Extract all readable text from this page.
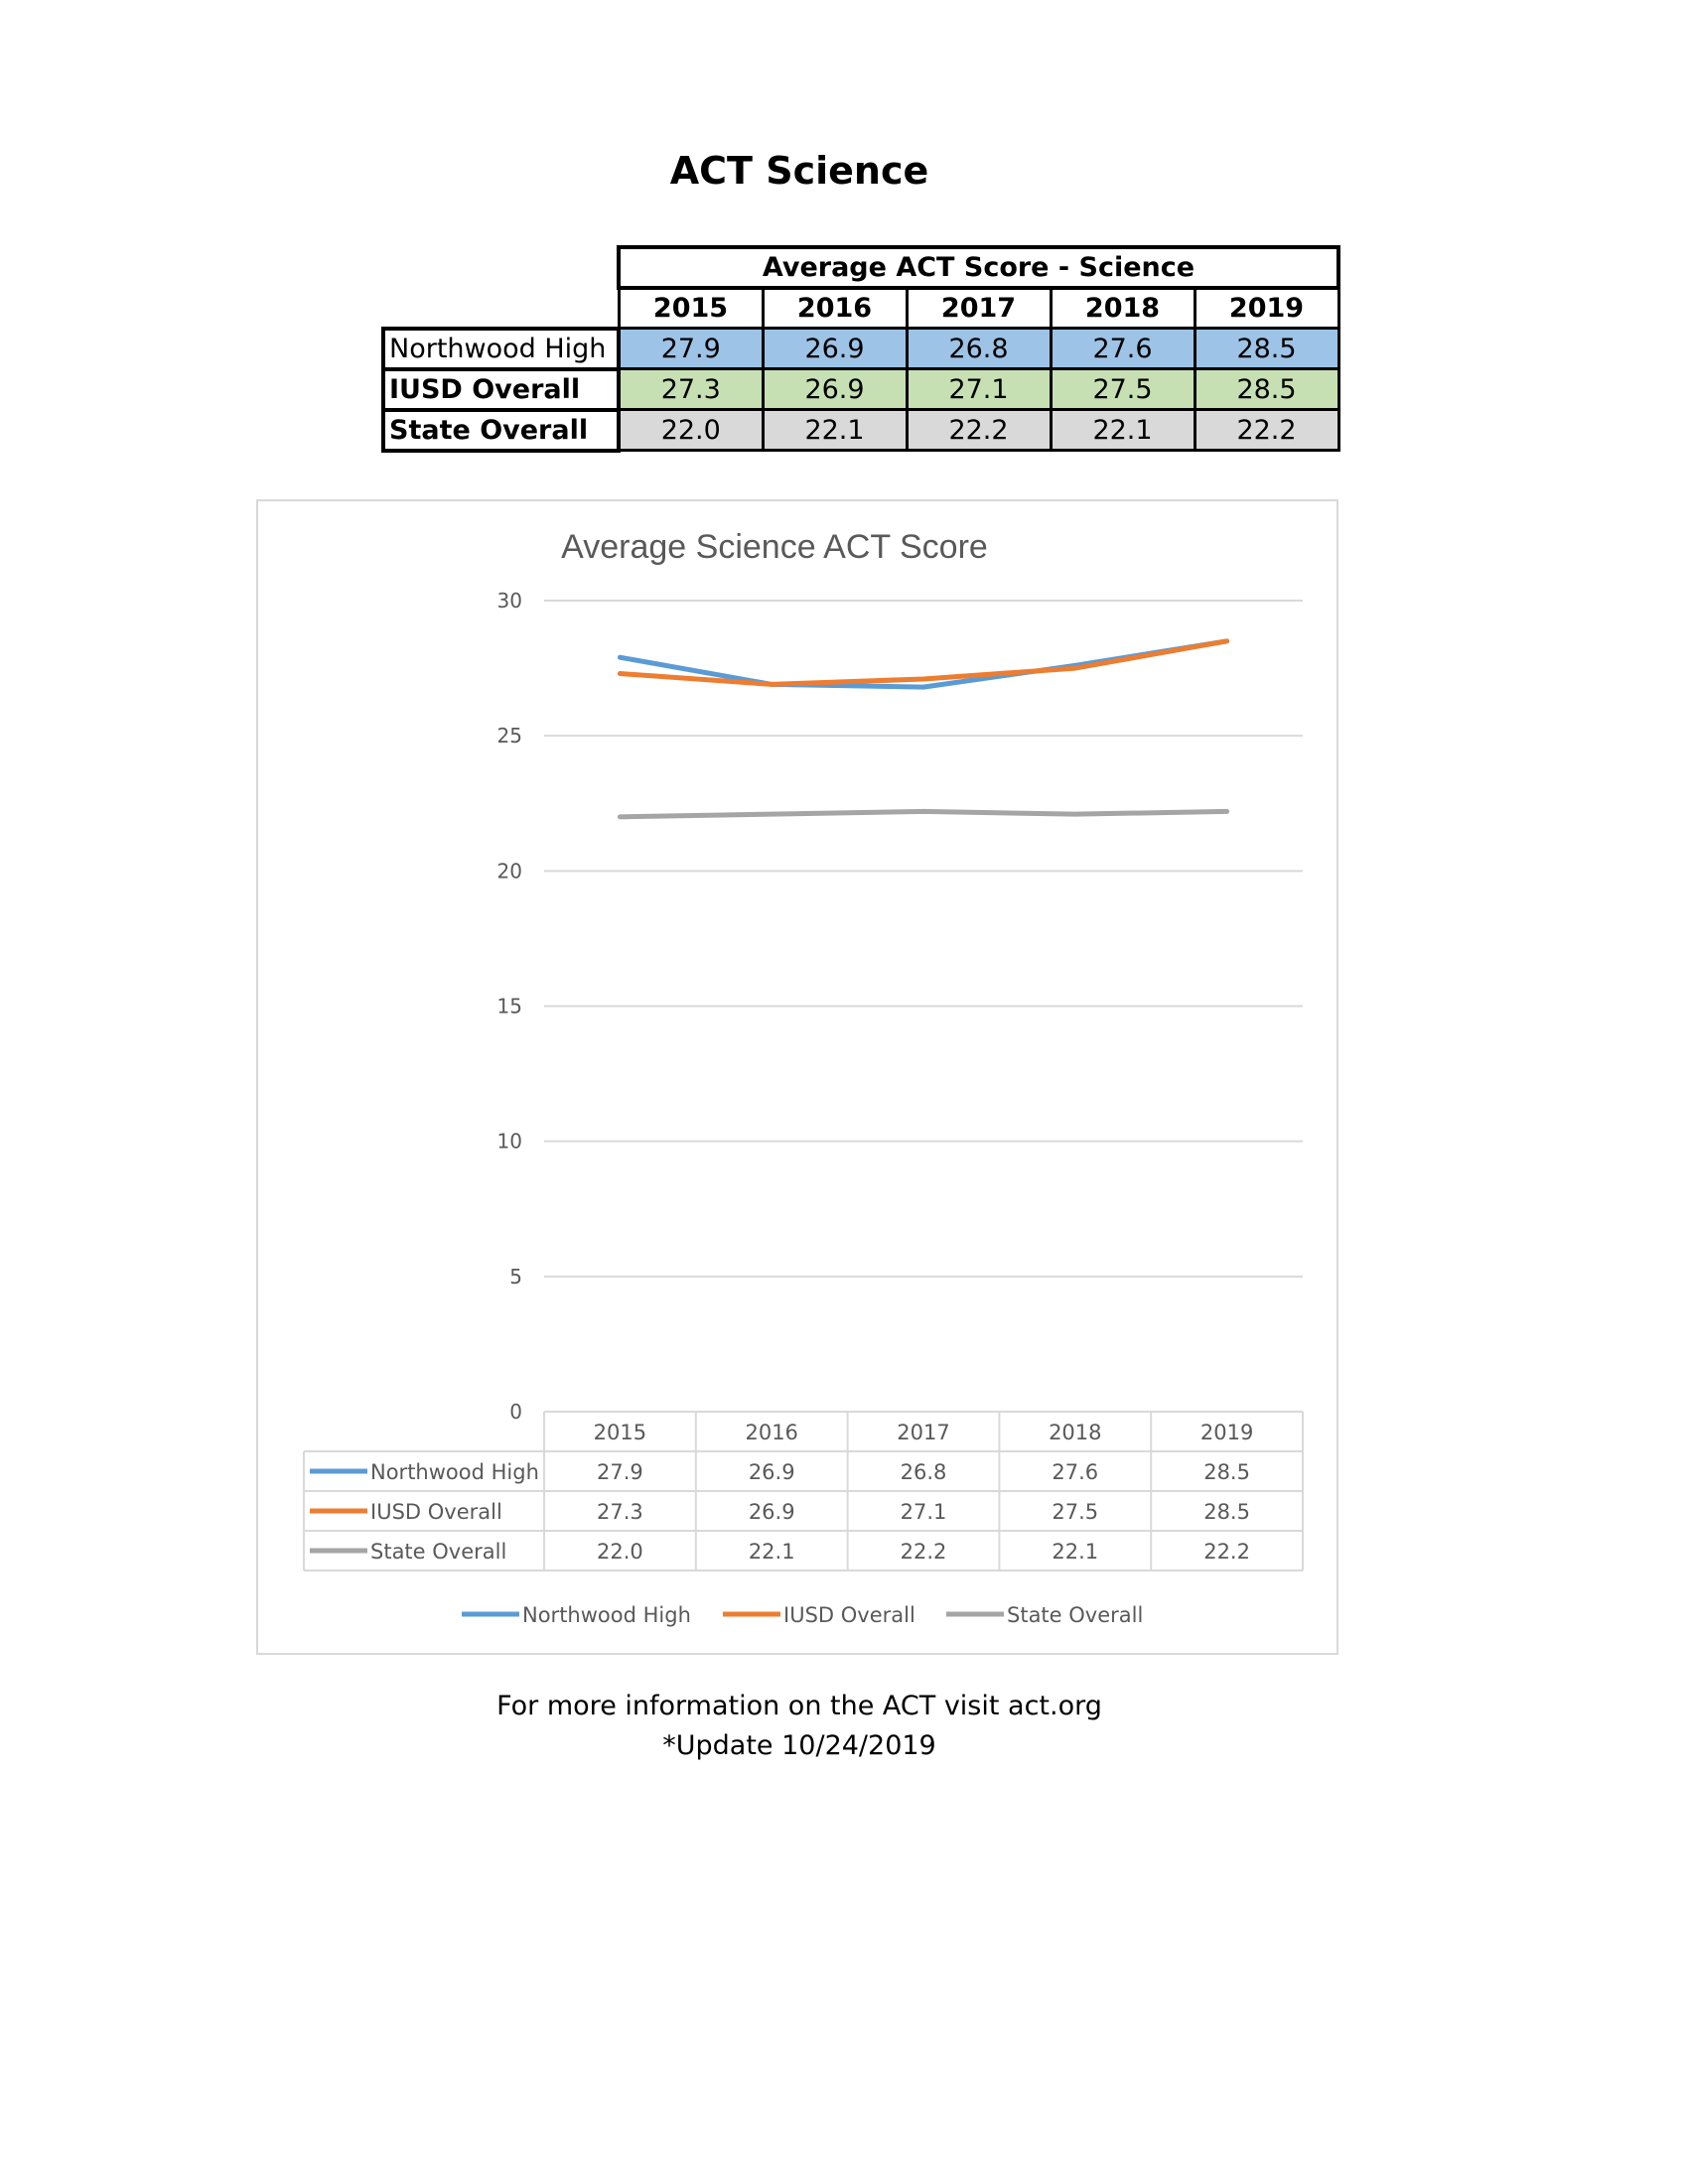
ACT Science
	Average ACT Score - Science				
	2015	2016	2017	2018	2019
Northwood High	27.9	26.9	26.8	27.6	28.5
IUSD Overall	27.3	26.9	27.1	27.5	28.5
State Overall	22.0	22.1	22.2	22.1	22.2
Average Science ACT Score
0
5
10
15
20
25
30
2015	2016	2017	2018	2019
Northwood High	27.9	26.9	26.8	27.6	28.5
IUSD Overall	27.3	26.9	27.1	27.5	28.5
State Overall	22.0	22.1	22.2	22.1	22.2
Northwood High	IUSD Overall	State Overall
For more information on the ACT visit act.org
*Update 10/24/2019
